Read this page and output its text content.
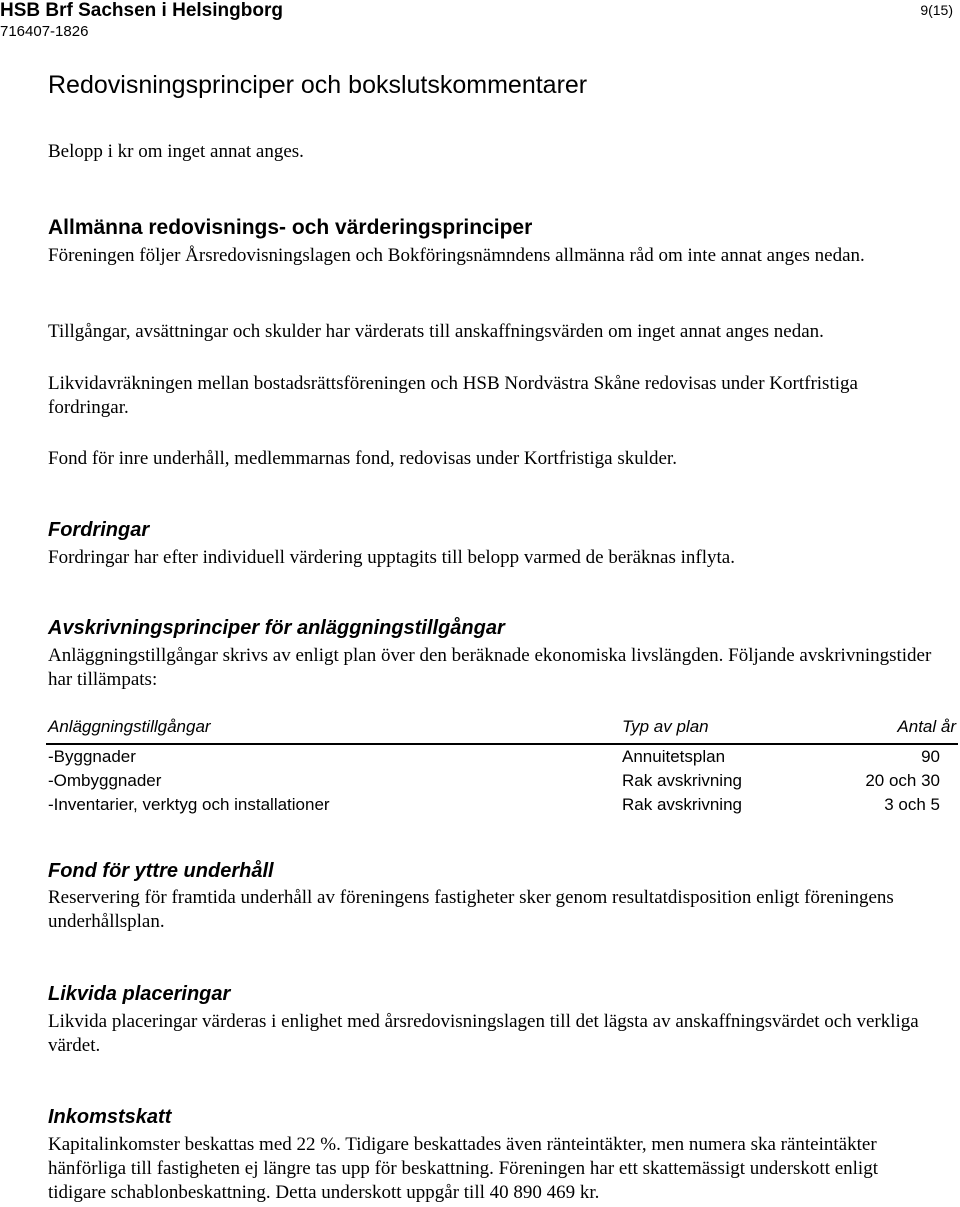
HSB Brf Sachsen i Helsingborg
716407-1826
9(15)
Redovisningsprinciper och bokslutskommentarer
Belopp i kr om inget annat anges.
Allmänna redovisnings- och värderingsprinciper
Föreningen följer Årsredovisningslagen och Bokföringsnämndens allmänna råd om inte annat anges nedan.
Tillgångar, avsättningar och skulder har värderats till anskaffningsvärden om inget annat anges nedan.
Likvidavräkningen mellan bostadsrättsföreningen och HSB Nordvästra Skåne redovisas under Kortfristiga fordringar.
Fond för inre underhåll, medlemmarnas fond, redovisas under Kortfristiga skulder.
Fordringar
Fordringar har efter individuell värdering upptagits till belopp varmed de beräknas inflyta.
Avskrivningsprinciper för anläggningstillgångar
Anläggningstillgångar skrivs av enligt plan över den beräknade ekonomiska livslängden. Följande avskrivningstider har tillämpats:
Anläggningstillgångar	Typ av plan	Antal år
-Byggnader	Annuitetsplan	90
-Ombyggnader	Rak avskrivning	20 och 30
-Inventarier, verktyg och installationer	Rak avskrivning	3 och 5
Fond för yttre underhåll
Reservering för framtida underhåll av föreningens fastigheter sker genom resultatdisposition enligt föreningens underhållsplan.
Likvida placeringar
Likvida placeringar värderas i enlighet med årsredovisningslagen till det lägsta av anskaffningsvärdet och verkliga värdet.
Inkomstskatt
Kapitalinkomster beskattas med 22 %. Tidigare beskattades även ränteintäkter, men numera ska ränteintäkter hänförliga till fastigheten ej längre tas upp för beskattning. Föreningen har ett skattemässigt underskott enligt tidigare schablonbeskattning. Detta underskott uppgår till 40 890 469 kr.
